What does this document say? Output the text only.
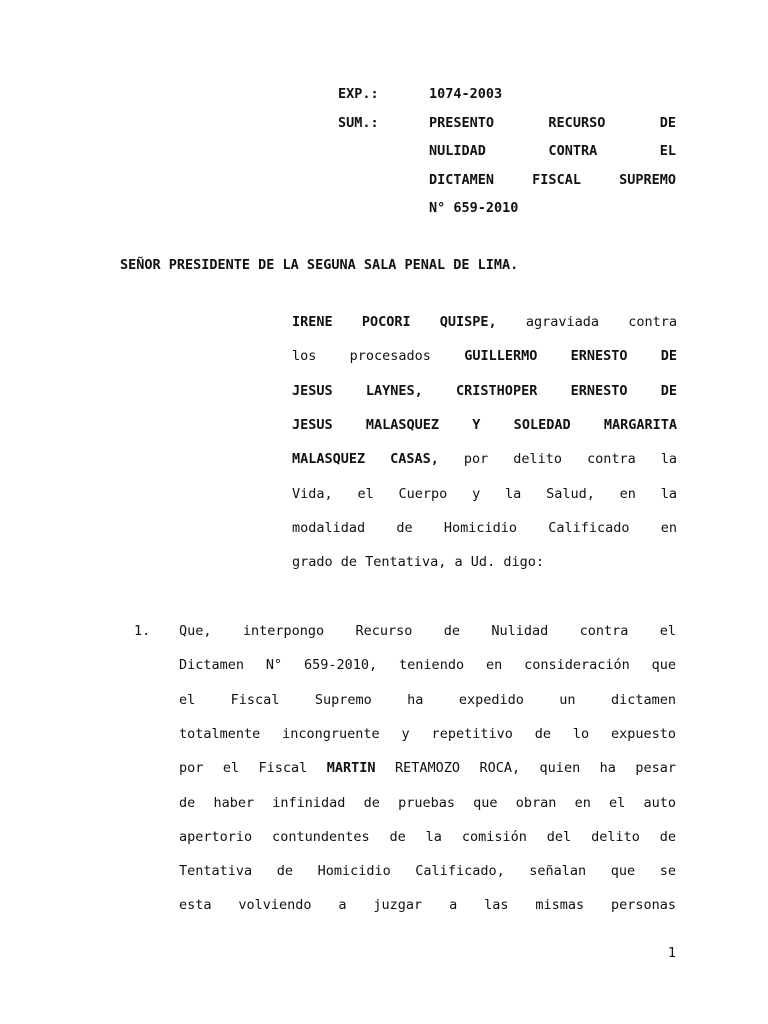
EXP.:	1074-2003
SUM.:	PRESENTO RECURSO DE
NULIDAD CONTRA EL
DICTAMEN FISCAL SUPREMO
N° 659-2010
SEÑOR PRESIDENTE DE LA SEGUNA SALA PENAL DE LIMA.
IRENE POCORI QUISPE, agraviada contra
los procesados GUILLERMO ERNESTO DE
JESUS LAYNES, CRISTHOPER ERNESTO DE
JESUS MALASQUEZ Y SOLEDAD MARGARITA
MALASQUEZ CASAS, por delito contra la
Vida, el Cuerpo y la Salud, en la
modalidad de Homicidio Calificado en
grado de Tentativa, a Ud. digo:
1. Que, interpongo Recurso de Nulidad contra el
Dictamen N° 659-2010, teniendo en consideración que
el Fiscal Supremo ha expedido un dictamen
totalmente incongruente y repetitivo de lo expuesto
por el Fiscal MARTIN RETAMOZO ROCA, quien ha pesar
de haber infinidad de pruebas que obran en el auto
apertorio contundentes de la comisión del delito de
Tentativa de Homicidio Calificado, señalan que se
esta volviendo a juzgar a las mismas personas
1
